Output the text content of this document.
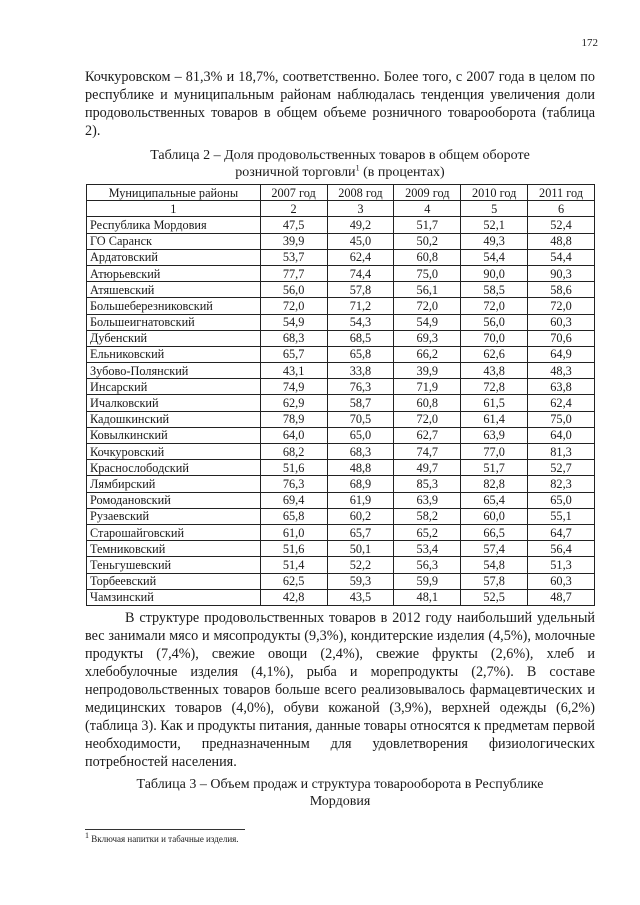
172

Кочкуровском – 81,3% и 18,7%, соответственно. Более того, с 2007 года в целом по республике и муниципальным районам наблюдалась тенденция увеличения доли продовольственных товаров в общем объеме розничного товарооборота (таблица 2).

Таблица 2 – Доля продовольственных товаров в общем обороте
розничной торговли$^1$ (в процентах)
Муниципальные районы	2007 год	2008 год	2009 год	2010 год	2011 год
1	2	3	4	5	6
Республика Мордовия	47,5	49,2	51,7	52,1	52,4
ГО Саранск	39,9	45,0	50,2	49,3	48,8
Ардатовский	53,7	62,4	60,8	54,4	54,4
Атюрьевский	77,7	74,4	75,0	90,0	90,3
Атяшевский	56,0	57,8	56,1	58,5	58,6
Большеберезниковский	72,0	71,2	72,0	72,0	72,0
Большеигнатовский	54,9	54,3	54,9	56,0	60,3
Дубенский	68,3	68,5	69,3	70,0	70,6
Ельниковский	65,7	65,8	66,2	62,6	64,9
Зубово-Полянский	43,1	33,8	39,9	43,8	48,3
Инсарский	74,9	76,3	71,9	72,8	63,8
Ичалковский	62,9	58,7	60,8	61,5	62,4
Кадошкинский	78,9	70,5	72,0	61,4	75,0
Ковылкинский	64,0	65,0	62,7	63,9	64,0
Кочкуровский	68,2	68,3	74,7	77,0	81,3
Краснослободский	51,6	48,8	49,7	51,7	52,7
Лямбирский	76,3	68,9	85,3	82,8	82,3
Ромодановский	69,4	61,9	63,9	65,4	65,0
Рузаевский	65,8	60,2	58,2	60,0	55,1
Старошайговский	61,0	65,7	65,2	66,5	64,7
Темниковский	51,6	50,1	53,4	57,4	56,4
Теньгушевский	51,4	52,2	56,3	54,8	51,3
Торбеевский	62,5	59,3	59,9	57,8	60,3
Чамзинский	42,8	43,5	48,1	52,5	48,7

В структуре продовольственных товаров в 2012 году наибольший удельный вес занимали мясо и мясопродукты (9,3%), кондитерские изделия (4,5%), молочные продукты (7,4%), свежие овощи (2,4%), свежие фрукты (2,6%), хлеб и хлебобулочные изделия (4,1%), рыба и морепродукты (2,7%). В составе непродовольственных товаров больше всего реализовывалось фармацевтических и медицинских товаров (4,0%), обуви кожаной (3,9%), верхней одежды (6,2%) (таблица 3). Как и продукты питания, данные товары относятся к предметам первой необходимости, предназначенным для удовлетворения физиологических потребностей населения.

Таблица 3 – Объем продаж и структура товарооборота в Республике
Мордовия
$^1$ Включая напитки и табачные изделия.
